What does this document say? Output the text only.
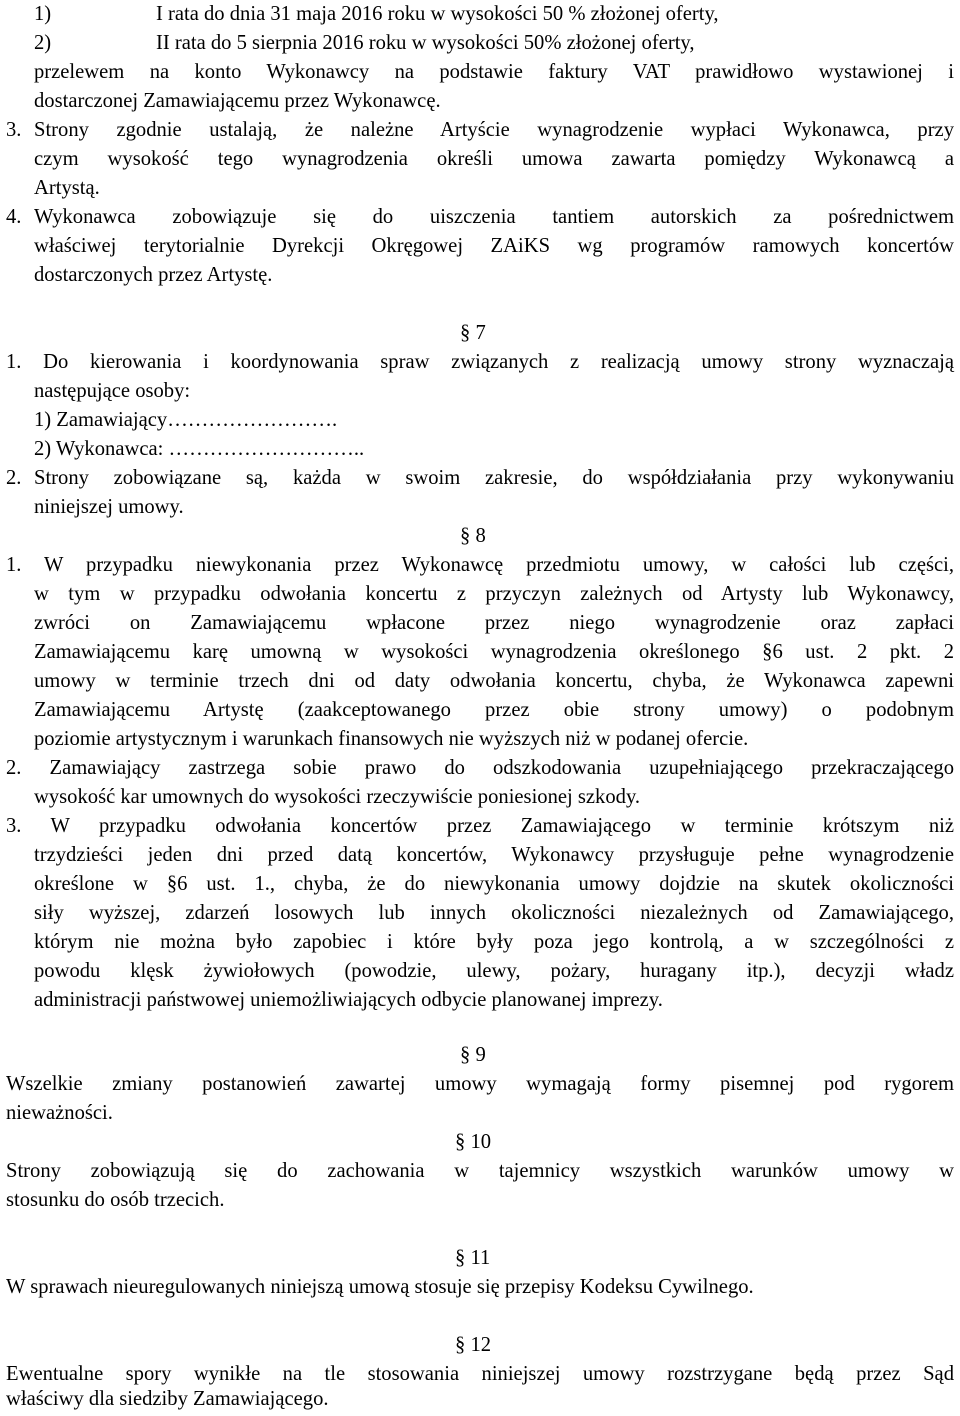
1)	I rata do dnia 31 maja 2016 roku w wysokości 50 % złożonej oferty,
2)	II rata do 5 sierpnia 2016 roku w wysokości 50% złożonej oferty,
przelewem na konto Wykonawcy na podstawie faktury VAT prawidłowo wystawionej i
dostarczonej Zamawiającemu przez Wykonawcę.
3. Strony zgodnie ustalają, że należne Artyście wynagrodzenie wypłaci Wykonawca, przy
czym wysokość tego wynagrodzenia określi umowa zawarta pomiędzy Wykonawcą a
Artystą.
4. Wykonawca zobowiązuje się do uiszczenia tantiem autorskich za pośrednictwem
właściwej terytorialnie Dyrekcji Okręgowej ZAiKS wg programów ramowych koncertów
dostarczonych przez Artystę.
§ 7
1. Do kierowania i koordynowania spraw związanych z realizacją umowy strony wyznaczają
następujące osoby:
1) Zamawiający…………………….
2) Wykonawca: ………………………..
2. Strony zobowiązane są, każda w swoim zakresie, do współdziałania przy wykonywaniu
niniejszej umowy.
§ 8
1. W przypadku niewykonania przez Wykonawcę przedmiotu umowy, w całości lub części,
w tym w przypadku odwołania koncertu z przyczyn zależnych od Artysty lub Wykonawcy,
zwróci on Zamawiającemu wpłacone przez niego wynagrodzenie oraz zapłaci
Zamawiającemu karę umowną w wysokości wynagrodzenia określonego §6 ust. 2 pkt. 2
umowy w terminie trzech dni od daty odwołania koncertu, chyba, że Wykonawca zapewni
Zamawiającemu Artystę (zaakceptowanego przez obie strony umowy) o podobnym
poziomie artystycznym i warunkach finansowych nie wyższych niż w podanej ofercie.
2. Zamawiający zastrzega sobie prawo do odszkodowania uzupełniającego przekraczającego
wysokość kar umownych do wysokości rzeczywiście poniesionej szkody.
3. W przypadku odwołania koncertów przez Zamawiającego w terminie krótszym niż
trzydzieści jeden dni przed datą koncertów, Wykonawcy przysługuje pełne wynagrodzenie
określone w §6 ust. 1., chyba, że do niewykonania umowy dojdzie na skutek okoliczności
siły wyższej, zdarzeń losowych lub innych okoliczności niezależnych od Zamawiającego,
którym nie można było zapobiec i które były poza jego kontrolą, a w szczególności z
powodu klęsk żywiołowych (powodzie, ulewy, pożary, huragany itp.), decyzji władz
administracji państwowej uniemożliwiających odbycie planowanej imprezy.
§ 9
Wszelkie zmiany postanowień zawartej umowy wymagają formy pisemnej pod rygorem
nieważności.
§ 10
Strony zobowiązują się do zachowania w tajemnicy wszystkich warunków umowy w
stosunku do osób trzecich.
§ 11
W sprawach nieuregulowanych niniejszą umową stosuje się przepisy Kodeksu Cywilnego.
§ 12
Ewentualne spory wynikłe na tle stosowania niniejszej umowy rozstrzygane będą przez Sąd
właściwy dla siedziby Zamawiającego.
